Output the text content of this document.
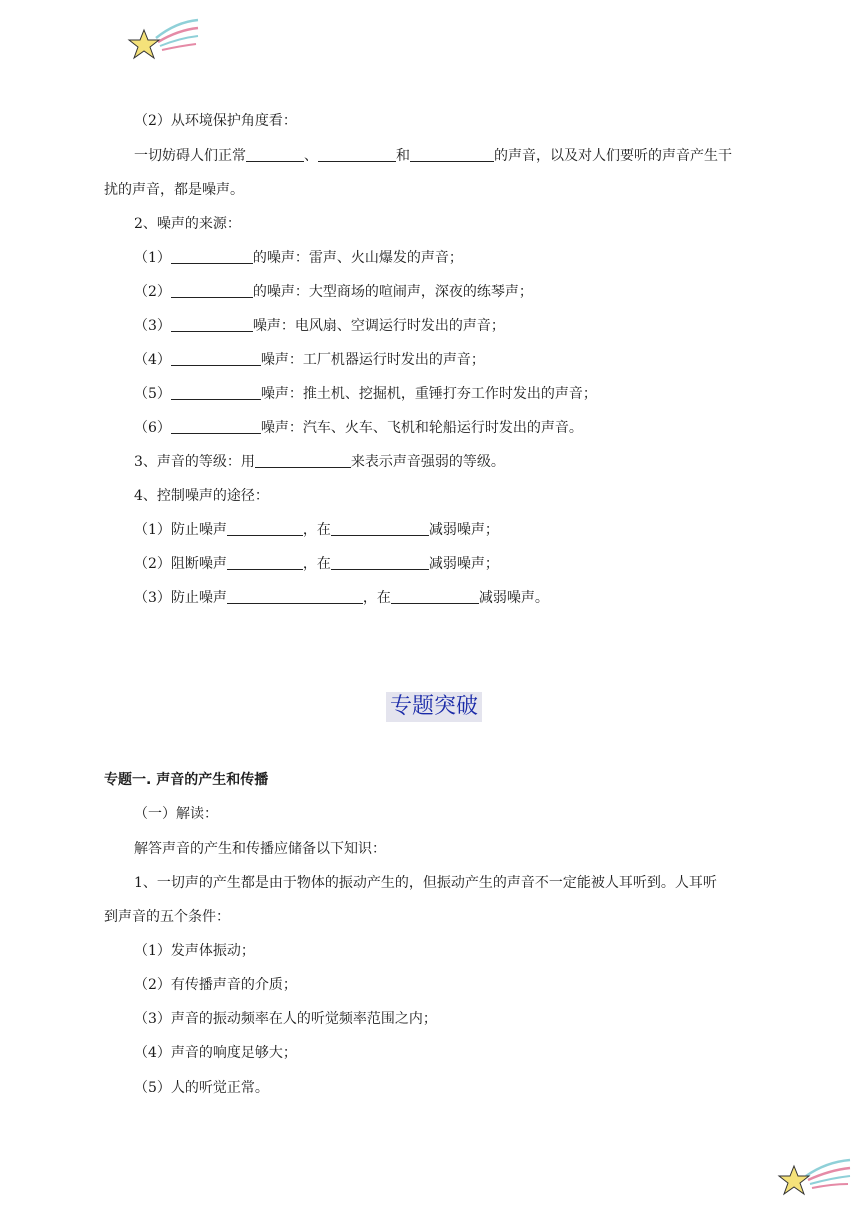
（2）从环境保护角度看：
一切妨碍人们正常	、	和	的声音，以及对人们要听的声音产生干
扰的声音，都是噪声。
2、噪声的来源：
（1）	的噪声：雷声、火山爆发的声音；
（2）	的噪声：大型商场的喧闹声，深夜的练琴声；
（3）	噪声：电风扇、空调运行时发出的声音；
（4）	噪声：工厂机器运行时发出的声音；
（5）	噪声：推土机、挖掘机，重锤打夯工作时发出的声音；
（6）	噪声：汽车、火车、飞机和轮船运行时发出的声音。
3、声音的等级：用	来表示声音强弱的等级。
4、控制噪声的途径：
（1）防止噪声	，在	减弱噪声；
（2）阻断噪声	，在	减弱噪声；
（3）防止噪声	，在	减弱噪声。
专题突破
专题一. 声音的产生和传播
（一）解读：
解答声音的产生和传播应储备以下知识：
1、一切声的产生都是由于物体的振动产生的，但振动产生的声音不一定能被人耳听到。人耳听
到声音的五个条件：
（1）发声体振动；
（2）有传播声音的介质；
（3）声音的振动频率在人的听觉频率范围之内；
（4）声音的响度足够大；
（5）人的听觉正常。
